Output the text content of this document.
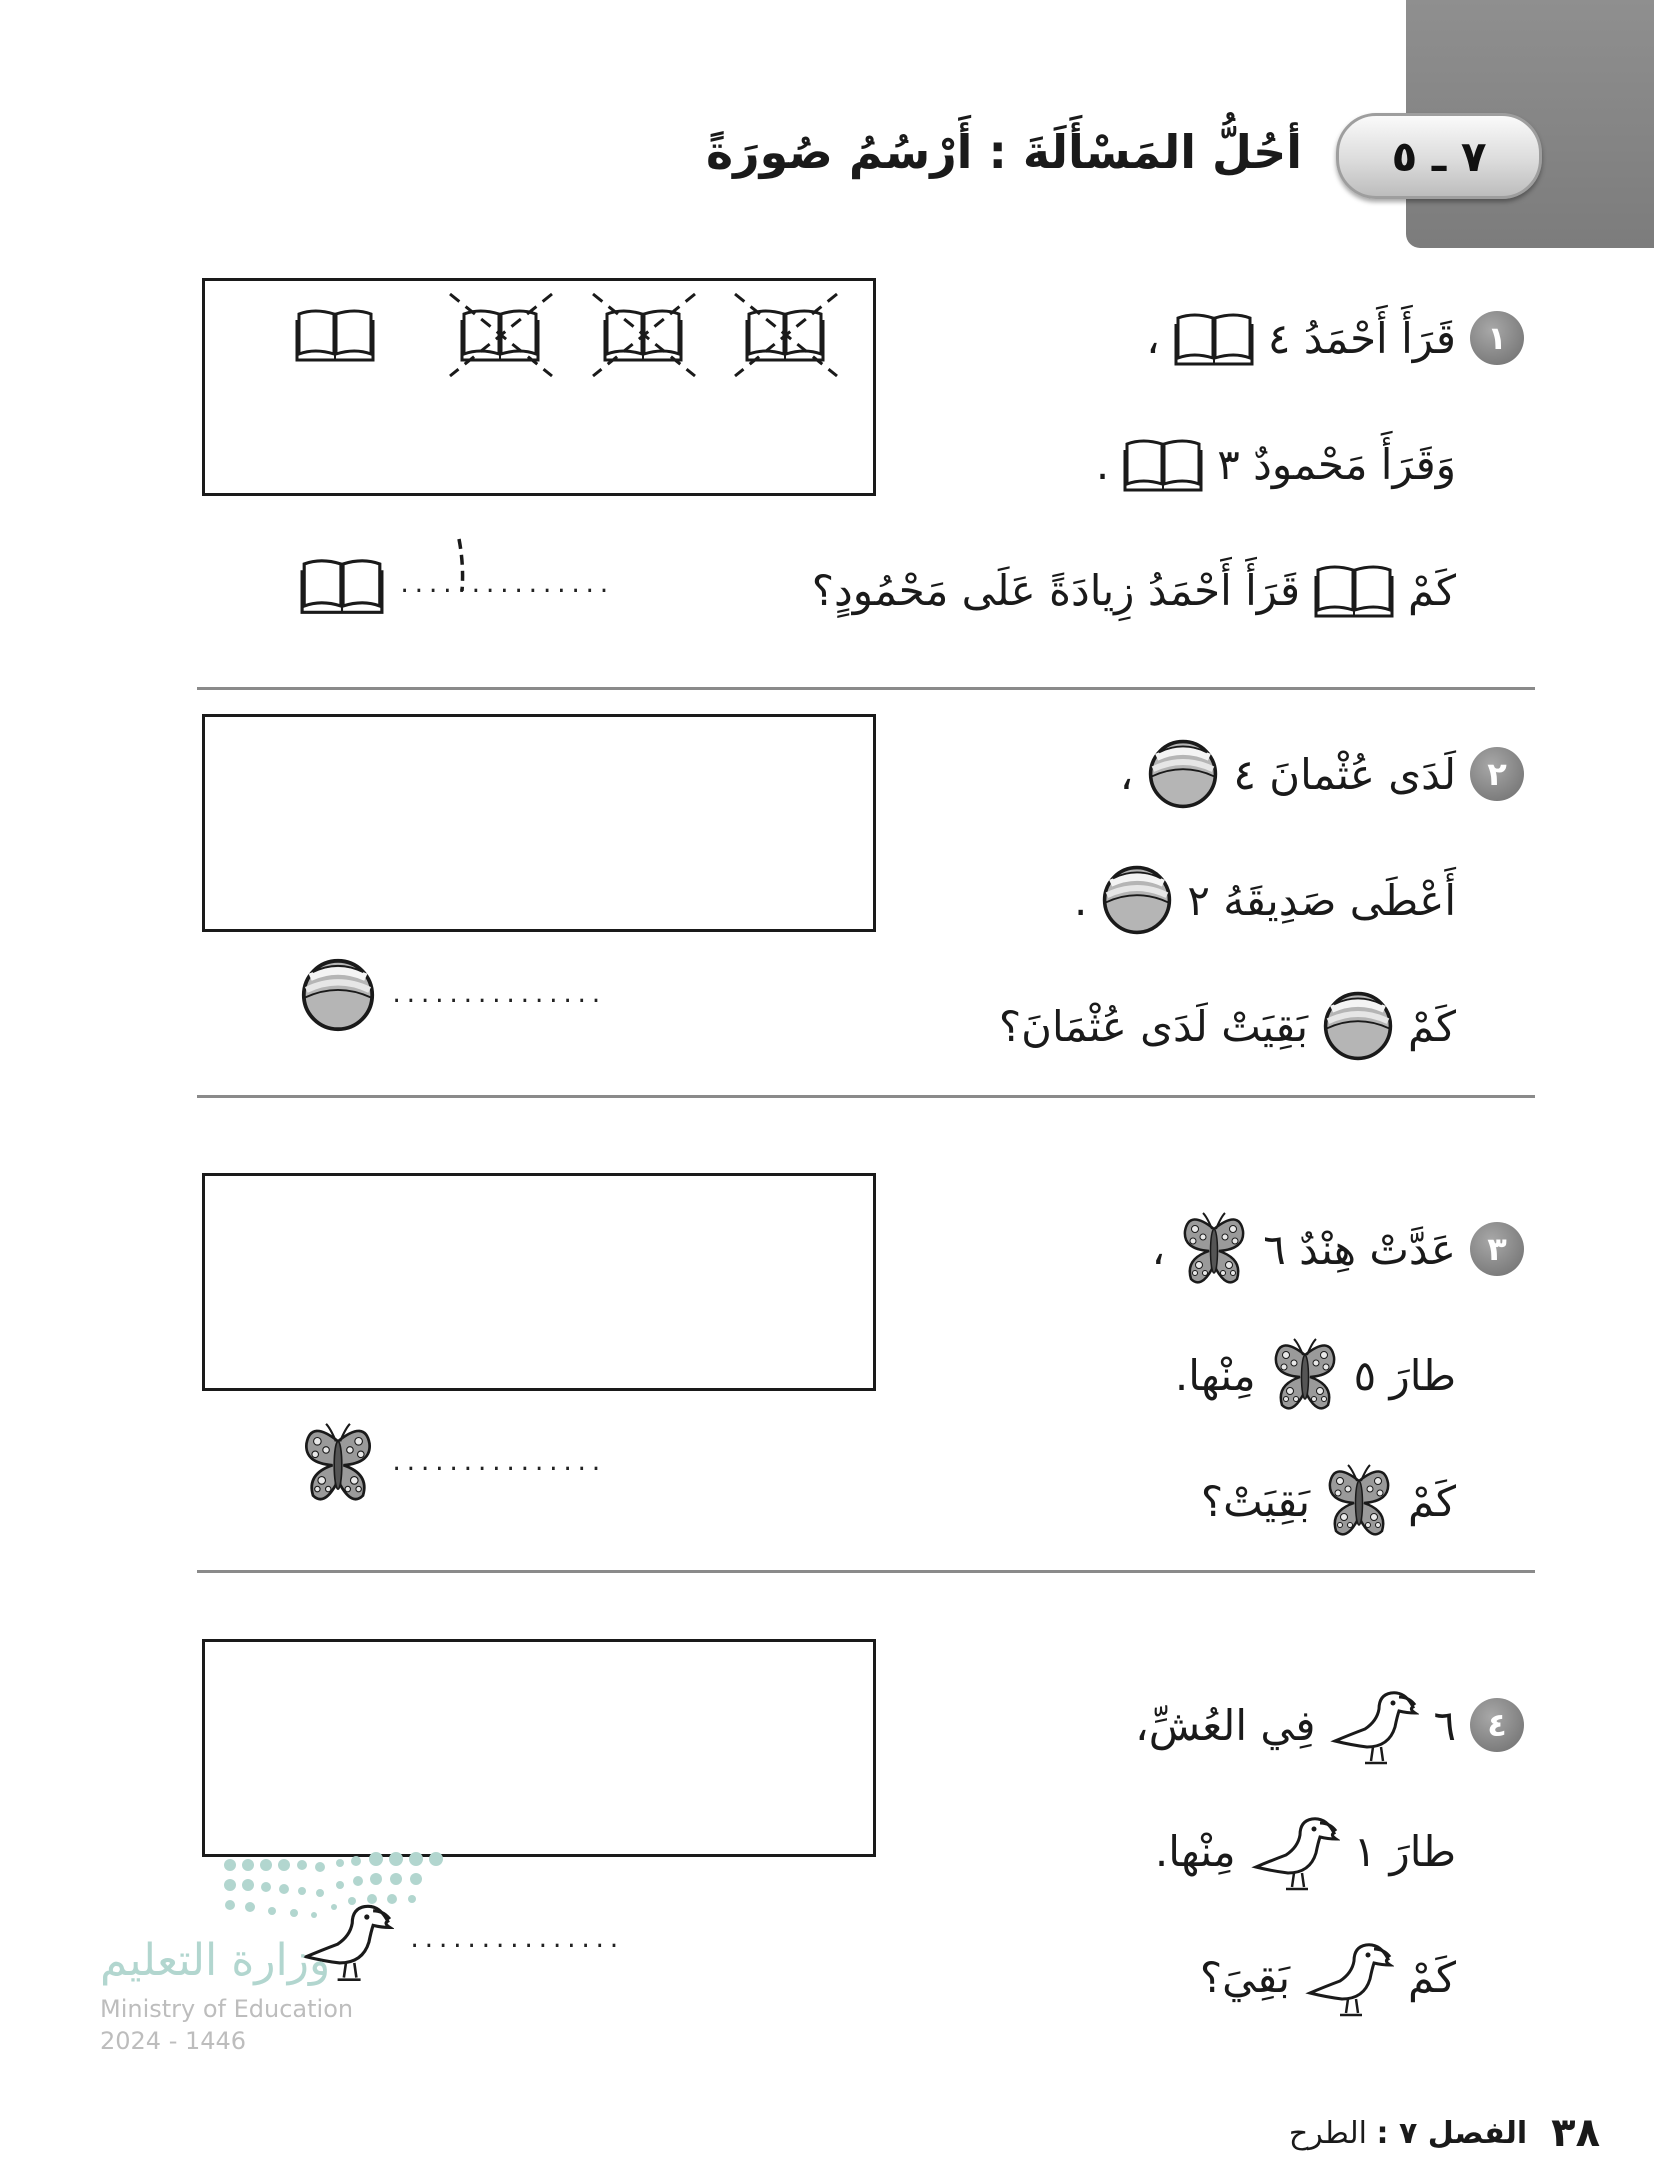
٧ ـ ٥
أحُلُّ المَسْأَلَةَ : أَرْسُمُ صُورَةً
١
قَرَأَ أَحْمَدُ ٤
،
وَقَرَأَ مَحْمودٌ ٣
.
كَمْ
قَرَأَ أَحْمَدُ زِيادَةً عَلَى مَحْمُودٍ؟
...............
٢
لَدَى عُثْمانَ ٤
،
أَعْطَى صَدِيقَهُ ٢
.
كَمْ
بَقِيَتْ لَدَى عُثْمَانَ؟
...............
٣
عَدَّتْ هِنْدٌ ٦
،
طارَ ٥
مِنْها.
كَمْ
بَقِيَتْ؟
...............
٤
٦
فِي العُشِّ،
طارَ ١
مِنْها.
كَمْ
بَقِيَ؟
...............
وزارة التعليم
Ministry of Education
2024 - 1446
٣٨
الفصل ٧ : الطرح
